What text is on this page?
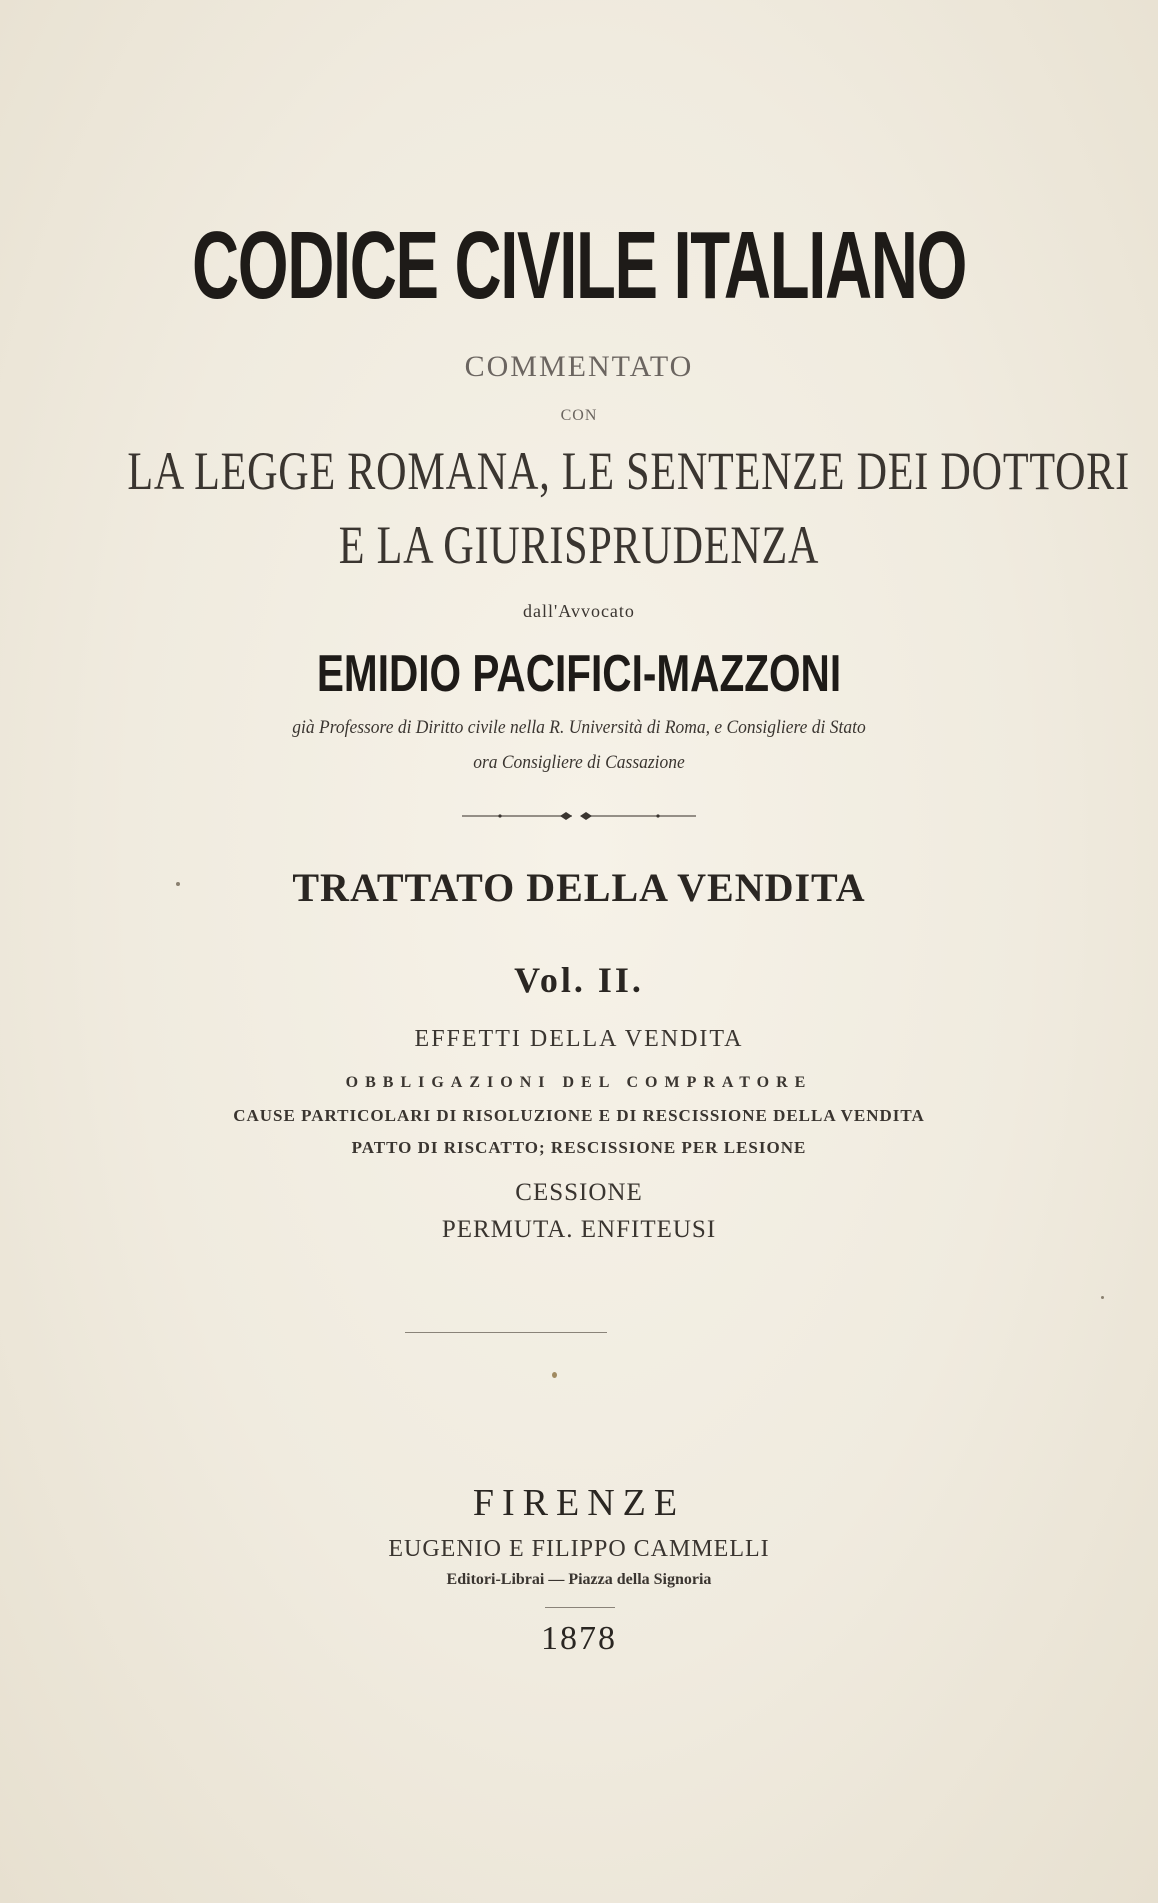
CODICE CIVILE ITALIANO
COMMENTATO
CON
LA LEGGE ROMANA, LE SENTENZE DEI DOTTORI
E LA GIURISPRUDENZA
dall'Avvocato
EMIDIO PACIFICI-MAZZONI
già Professore di Diritto civile nella R. Università di Roma, e Consigliere di Stato
ora Consigliere di Cassazione
TRATTATO DELLA VENDITA
Vol. II.
EFFETTI DELLA VENDITA
OBBLIGAZIONI DEL COMPRATORE
CAUSE PARTICOLARI DI RISOLUZIONE E DI RESCISSIONE DELLA VENDITA
PATTO DI RISCATTO; RESCISSIONE PER LESIONE
CESSIONE
PERMUTA. ENFITEUSI
FIRENZE
EUGENIO E FILIPPO CAMMELLI
Editori-Librai — Piazza della Signoria
1878
